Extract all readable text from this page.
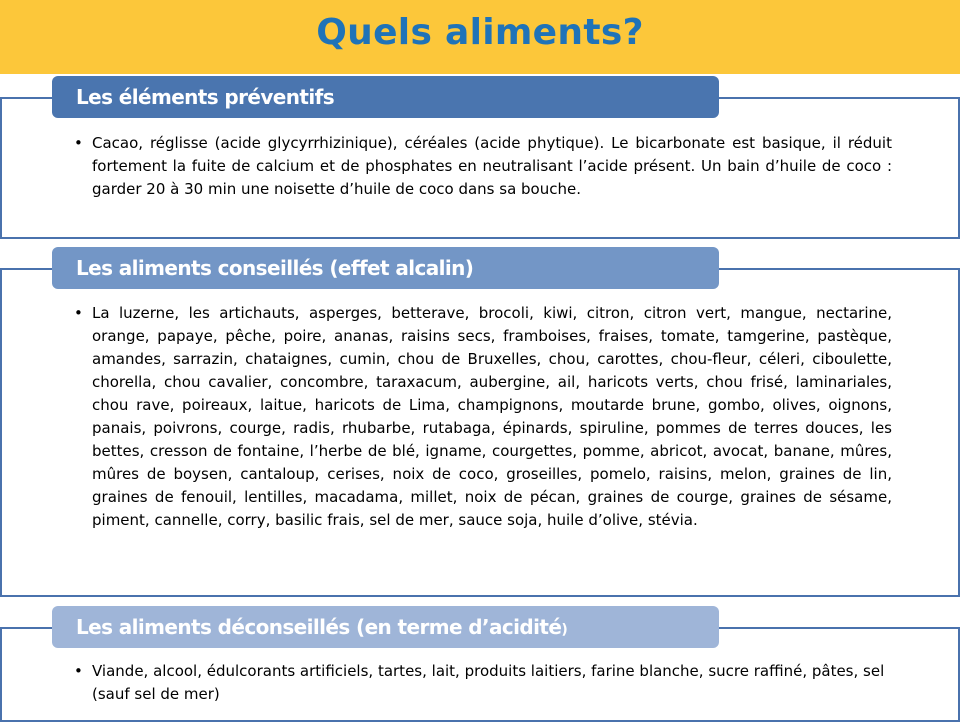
Quels aliments?
Les éléments préventifs
• Cacao, réglisse (acide glycyrrhizinique), céréales (acide phytique). Le bicarbonate est basique, il réduit fortement la fuite de calcium et de phosphates en neutralisant l’acide présent. Un bain d’huile de coco : garder 20 à 30 min une noisette d’huile de coco dans sa bouche.
Les aliments conseillés (effet alcalin)
• La luzerne, les artichauts, asperges, betterave, brocoli, kiwi, citron, citron vert, mangue, nectarine, orange, papaye, pêche, poire, ananas, raisins secs, framboises, fraises, tomate, tamgerine, pastèque, amandes, sarrazin, chataignes, cumin, chou de Bruxelles, chou, carottes, chou-fleur, céleri, ciboulette, chorella, chou cavalier, concombre, taraxacum, aubergine, ail, haricots verts, chou frisé, laminariales, chou rave, poireaux, laitue, haricots de Lima, champignons, moutarde brune, gombo, olives, oignons, panais, poivrons, courge, radis, rhubarbe, rutabaga, épinards, spiruline, pommes de terres douces, les bettes, cresson de fontaine, l’herbe de blé, igname, courgettes, pomme, abricot, avocat, banane, mûres, mûres de boysen, cantaloup, cerises, noix de coco, groseilles, pomelo, raisins, melon, graines de lin, graines de fenouil, lentilles, macadama, millet, noix de pécan, graines de courge, graines de sésame, piment, cannelle, corry, basilic frais, sel de mer, sauce soja, huile d’olive, stévia.
Les aliments déconseillés (en terme d’acidité)
• Viande, alcool, édulcorants artificiels, tartes, lait, produits laitiers, farine blanche, sucre raffiné, pâtes, sel (sauf sel de mer)
